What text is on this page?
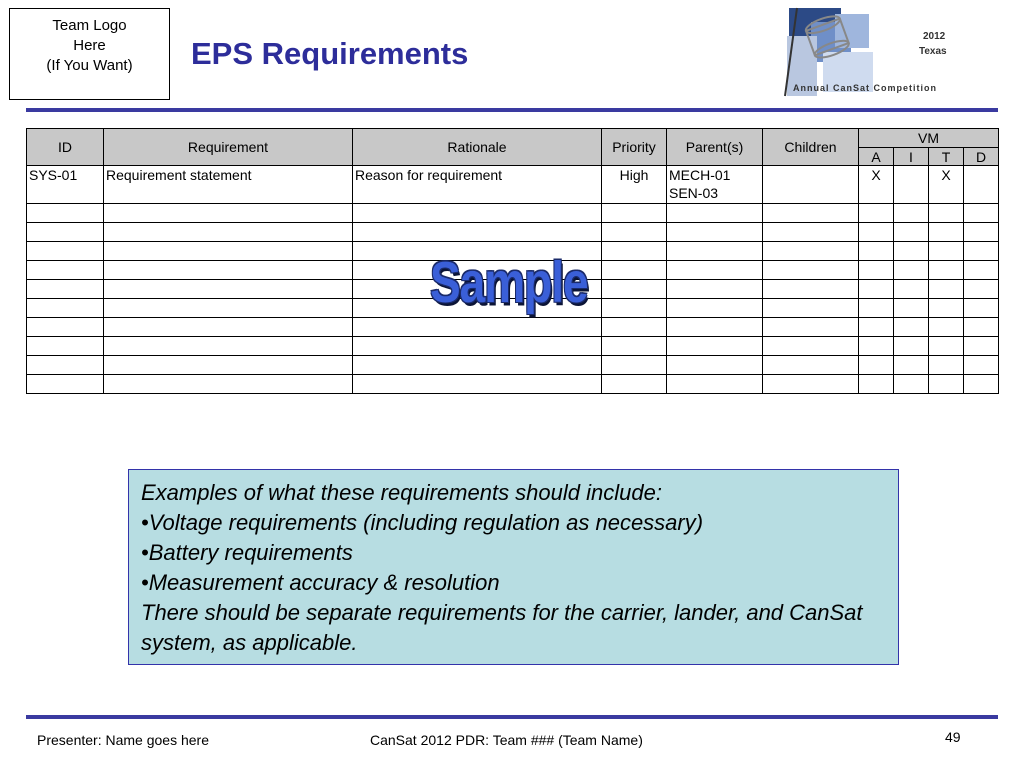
Team Logo
Here
(If You Want)	EPS Requirements	2012
Texas
Annual CanSat Competition
ID	Requirement	Rationale	Priority	Parent(s)	Children	VM			
						A	I	T	D
SYS-01	Requirement statement	Reason for requirement	High	MECH-01
SEN-03		X		X	

Sample
Examples of what these requirements should include:
•Voltage requirements (including regulation as necessary)
•Battery requirements
•Measurement accuracy & resolution
There should be separate requirements for the carrier, lander, and CanSat system, as applicable.
Presenter: Name goes here	CanSat 2012 PDR: Team ### (Team Name)	49
